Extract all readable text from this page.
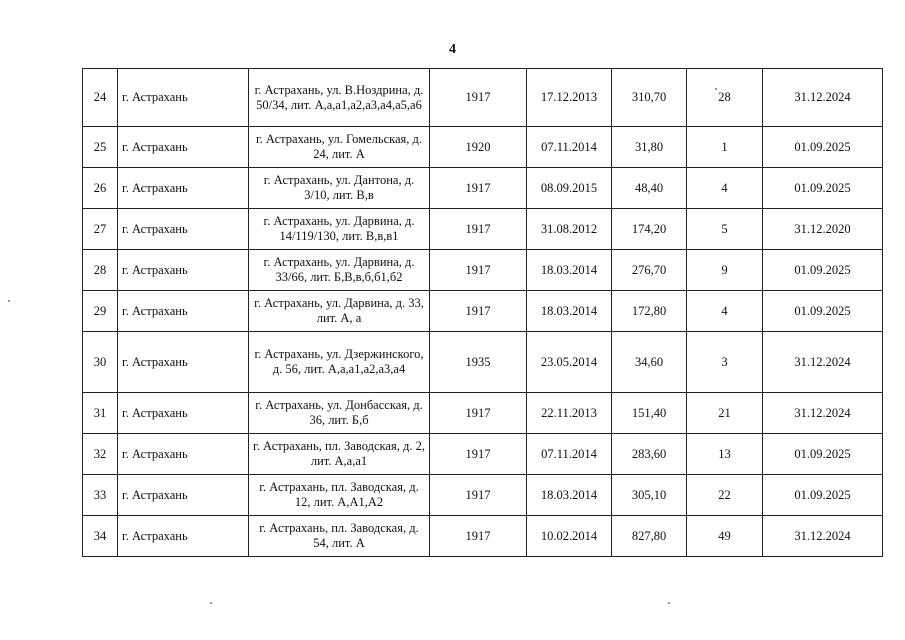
4
24	г. Астрахань	г. Астрахань, ул. В.Ноздрина, д. 50/34, лит. А,а,а1,а2,а3,а4,а5,а6	1917	17.12.2013	310,70	28	31.12.2024
25	г. Астрахань	г. Астрахань, ул. Гомельская, д. 24, лит. А	1920	07.11.2014	31,80	1	01.09.2025
26	г. Астрахань	г. Астрахань, ул. Дантона, д. 3/10, лит. В,в	1917	08.09.2015	48,40	4	01.09.2025
27	г. Астрахань	г. Астрахань, ул. Дарвина, д. 14/119/130, лит. В,в,в1	1917	31.08.2012	174,20	5	31.12.2020
28	г. Астрахань	г. Астрахань, ул. Дарвина, д. 33/66, лит. Б,В,в,б,б1,б2	1917	18.03.2014	276,70	9	01.09.2025
29	г. Астрахань	г. Астрахань, ул. Дарвина, д. 33, лит. А, а	1917	18.03.2014	172,80	4	01.09.2025
30	г. Астрахань	г. Астрахань, ул. Дзержинского, д. 56, лит. А,а,а1,а2,а3,а4	1935	23.05.2014	34,60	3	31.12.2024
31	г. Астрахань	г. Астрахань, ул. Донбасская, д. 36, лит. Б,б	1917	22.11.2013	151,40	21	31.12.2024
32	г. Астрахань	г. Астрахань, пл. Заводская, д. 2, лит. А,а,а1	1917	07.11.2014	283,60	13	01.09.2025
33	г. Астрахань	г. Астрахань, пл. Заводская, д. 12, лит. А,А1,А2	1917	18.03.2014	305,10	22	01.09.2025
34	г. Астрахань	г. Астрахань, пл. Заводская, д. 54, лит. А	1917	10.02.2014	827,80	49	31.12.2024
